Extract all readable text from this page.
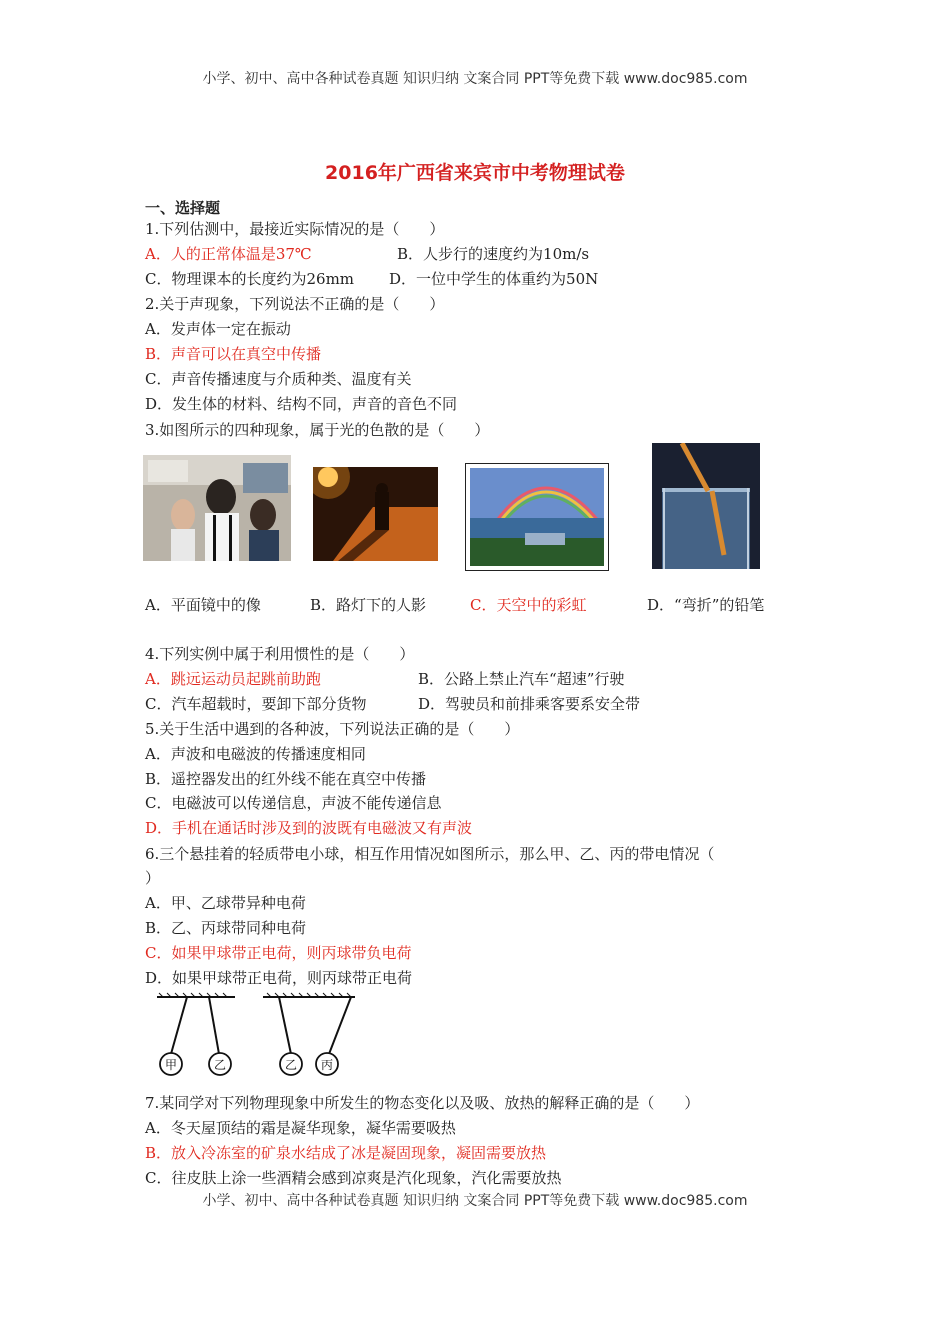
小学、初中、高中各种试卷真题 知识归纳 文案合同 PPT等免费下载 www.doc985.com
2016年广西省来宾市中考物理试卷
一、选择题
1.下列估测中，最接近实际情况的是（　　）
A．人的正常体温是37℃	B．人步行的速度约为10m/s
C．物理课本的长度约为26mm D．一位中学生的体重约为50N
2.关于声现象，下列说法不正确的是（　　）
A．发声体一定在振动
B．声音可以在真空中传播
C．声音传播速度与介质种类、温度有关
D．发生体的材料、结构不同，声音的音色不同
3.如图所示的四种现象，属于光的色散的是（　　）
A．平面镜中的像	B．路灯下的人影	C．天空中的彩虹	D．“弯折”的铅笔
4.下列实例中属于利用惯性的是（　　）
A．跳远运动员起跳前助跑	B．公路上禁止汽车“超速”行驶
C．汽车超载时，要卸下部分货物	D．驾驶员和前排乘客要系安全带
5.关于生活中遇到的各种波，下列说法正确的是（　　）
A．声波和电磁波的传播速度相同
B．遥控器发出的红外线不能在真空中传播
C．电磁波可以传递信息，声波不能传递信息
D．手机在通话时涉及到的波既有电磁波又有声波
6.三个悬挂着的轻质带电小球，相互作用情况如图所示，那么甲、乙、丙的带电情况（
）
A．甲、乙球带异种电荷
B．乙、丙球带同种电荷
C．如果甲球带正电荷，则丙球带负电荷
D．如果甲球带正电荷，则丙球带正电荷
甲	乙	乙 丙
7.某同学对下列物理现象中所发生的物态变化以及吸、放热的解释正确的是（　　）
A．冬天屋顶结的霜是凝华现象，凝华需要吸热
B．放入冷冻室的矿泉水结成了冰是凝固现象，凝固需要放热
C．往皮肤上涂一些酒精会感到凉爽是汽化现象，汽化需要放热
小学、初中、高中各种试卷真题 知识归纳 文案合同 PPT等免费下载 www.doc985.com
